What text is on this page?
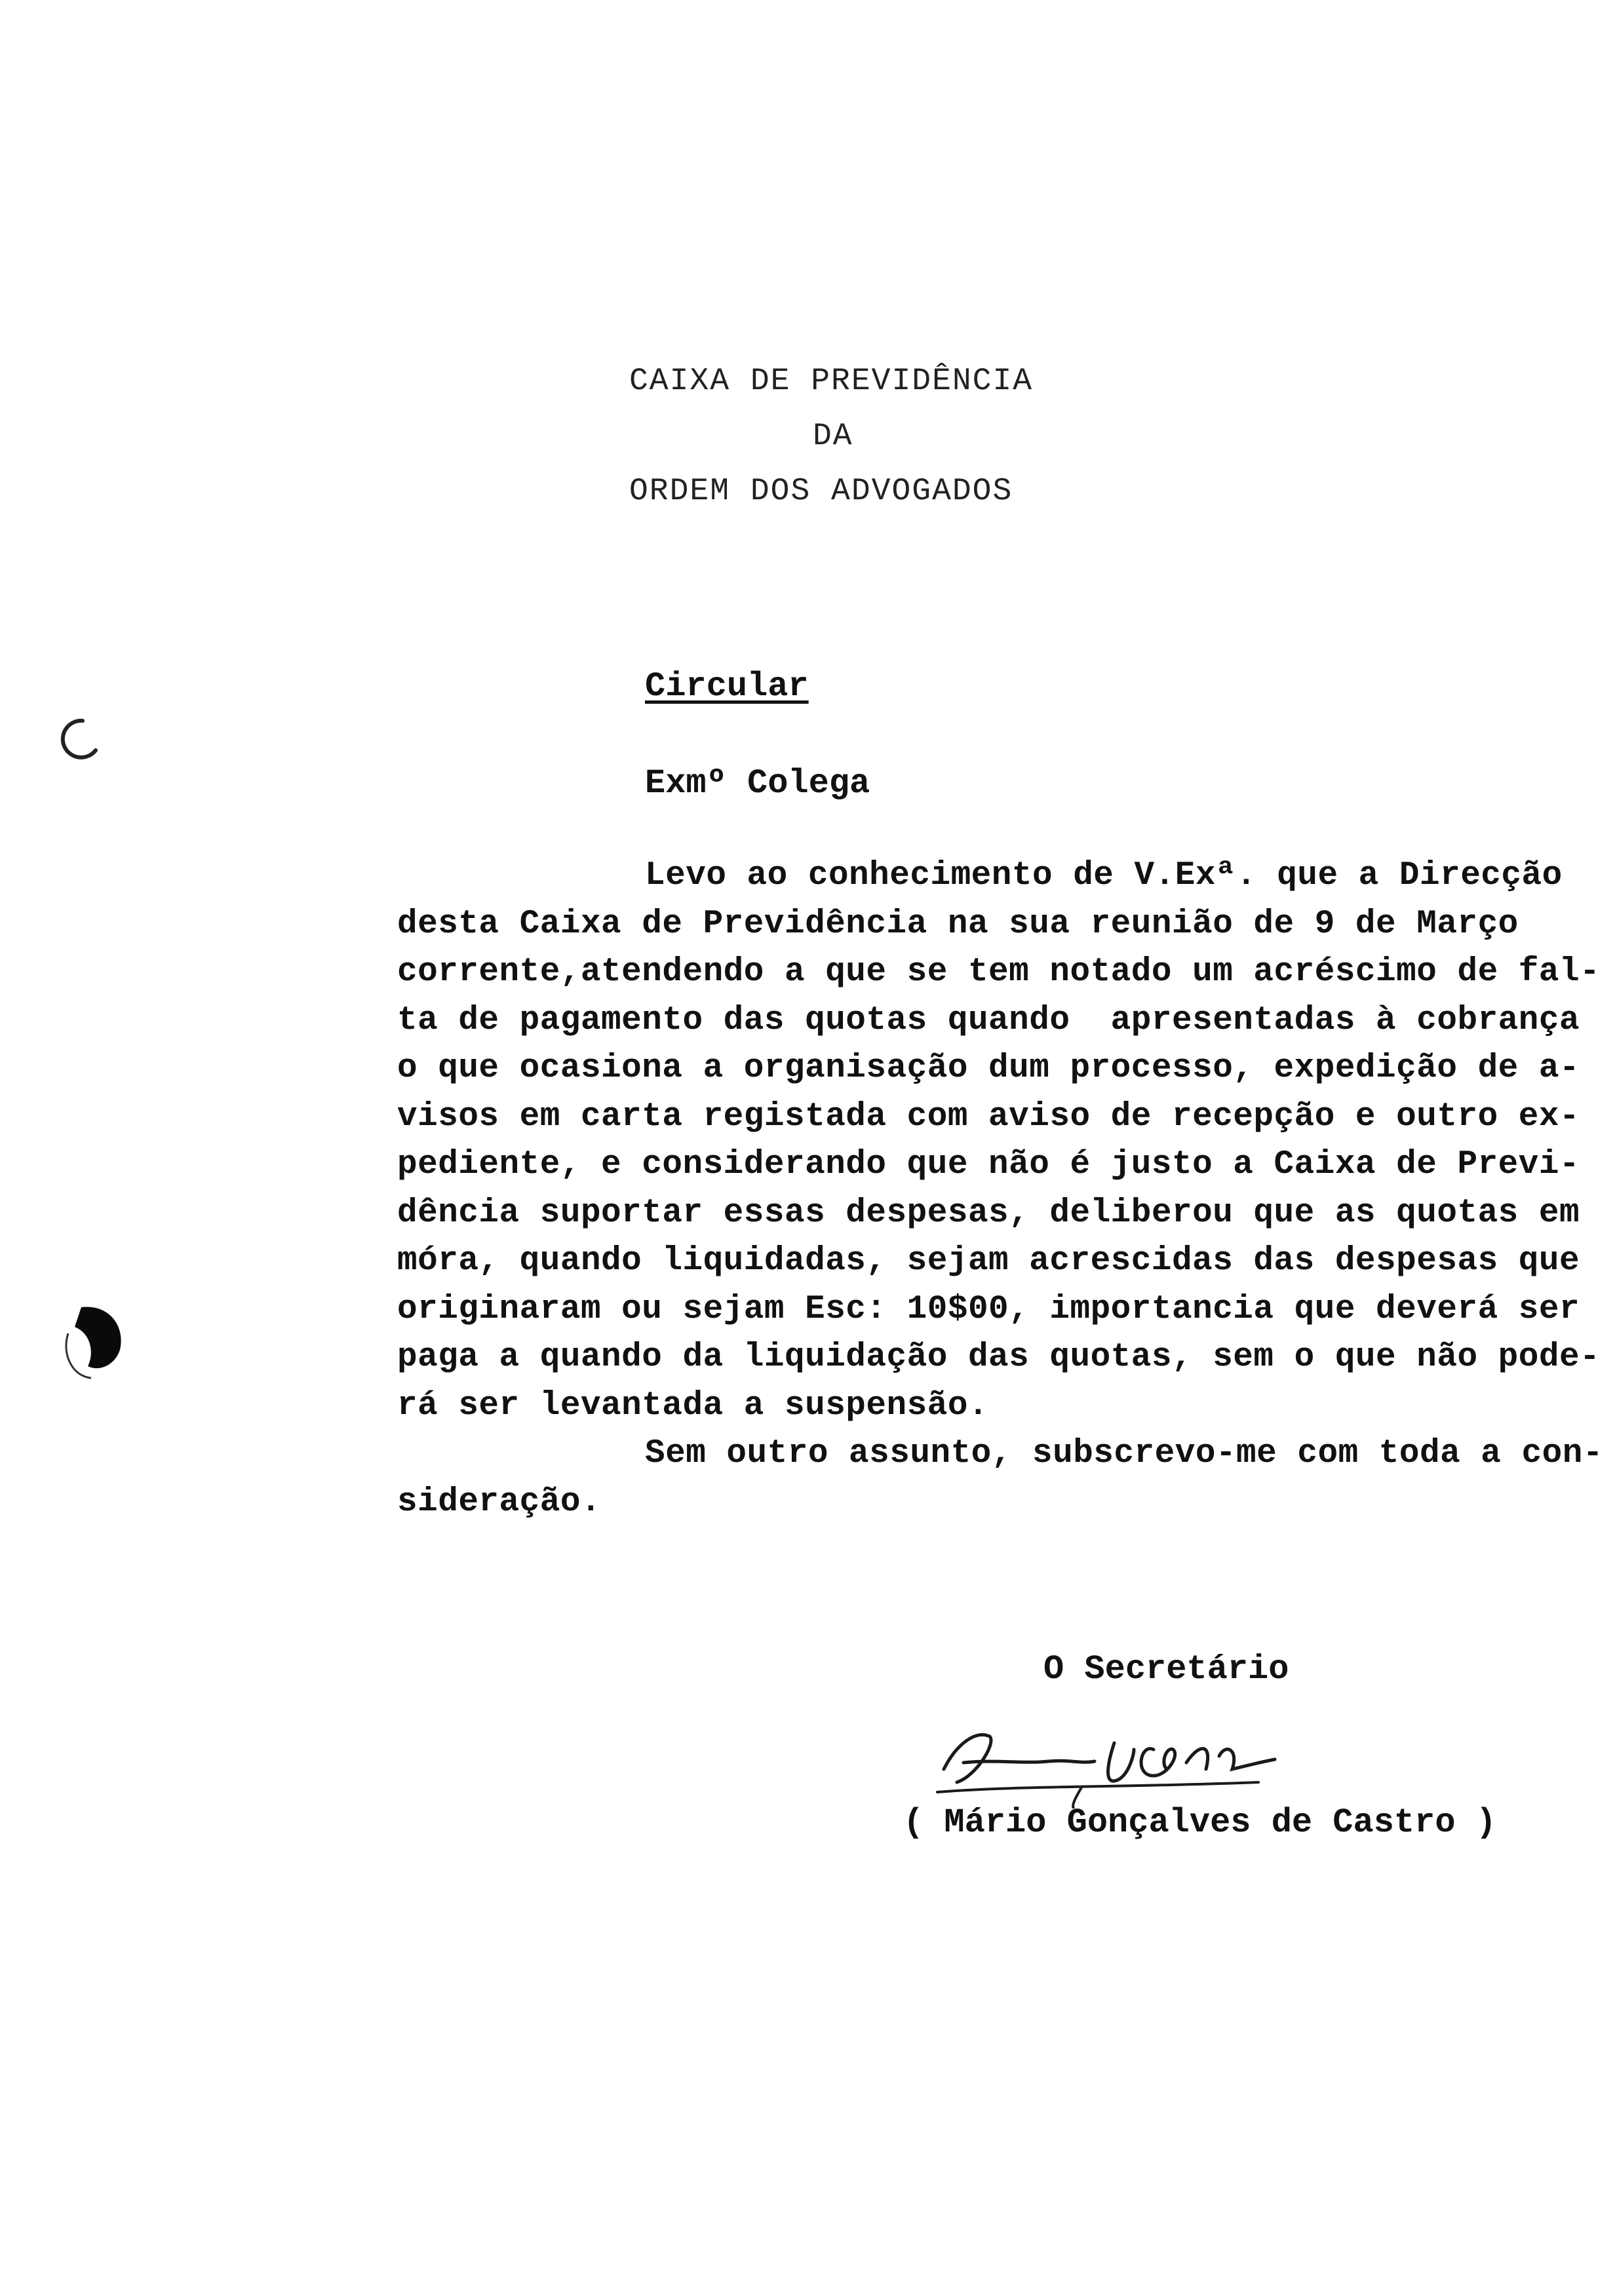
CAIXA DE PREVIDÊNCIA
DA
ORDEM DOS ADVOGADOS
Circular
Exmº Colega
Levo ao conhecimento de V.Exª. que a Direcção
desta Caixa de Previdência na sua reunião de 9 de Março
corrente,atendendo a que se tem notado um acréscimo de fal-
ta de pagamento das quotas quando  apresentadas à cobrança
o que ocasiona a organisação dum processo, expedição de a-
visos em carta registada com aviso de recepção e outro ex-
pediente, e considerando que não é justo a Caixa de Previ-
dência suportar essas despesas, deliberou que as quotas em
móra, quando liquidadas, sejam acrescidas das despesas que
originaram ou sejam Esc: 10$00, importancia que deverá ser
paga a quando da liquidação das quotas, sem o que não pode-
rá ser levantada a suspensão.
Sem outro assunto, subscrevo-me com toda a con-
sideração.
O Secretário
( Mário Gonçalves de Castro )
